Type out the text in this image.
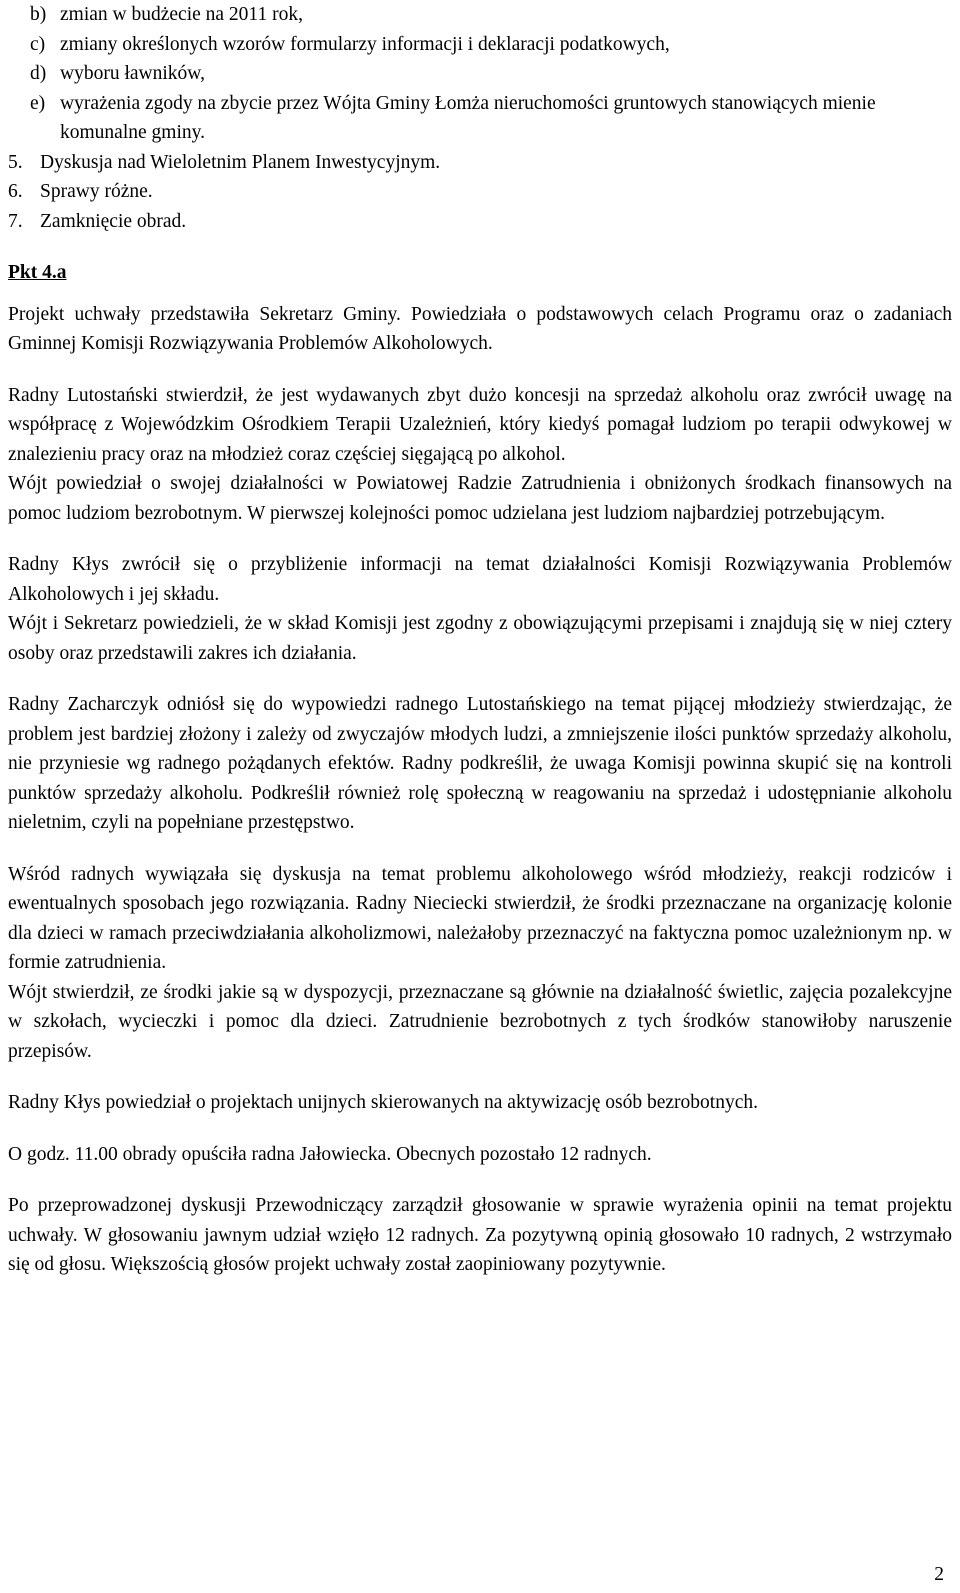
b) zmian w budżecie na 2011 rok,
c) zmiany określonych wzorów formularzy informacji i deklaracji podatkowych,
d) wyboru ławników,
e) wyrażenia zgody na zbycie przez Wójta Gminy Łomża nieruchomości gruntowych stanowiących mienie komunalne gminy.
5. Dyskusja nad Wieloletnim Planem Inwestycyjnym.
6. Sprawy różne.
7. Zamknięcie obrad.
Pkt 4.a

Projekt uchwały przedstawiła Sekretarz Gminy. Powiedziała o podstawowych celach Programu oraz o zadaniach Gminnej Komisji Rozwiązywania Problemów Alkoholowych.

Radny Lutostański stwierdził, że jest wydawanych zbyt dużo koncesji na sprzedaż alkoholu oraz zwrócił uwagę na współpracę z Wojewódzkim Ośrodkiem Terapii Uzależnień, który kiedyś pomagał ludziom po terapii odwykowej w znalezieniu pracy oraz na młodzież coraz częściej sięgającą po alkohol.

Wójt powiedział o swojej działalności w Powiatowej Radzie Zatrudnienia i obniżonych środkach finansowych na pomoc ludziom bezrobotnym. W pierwszej kolejności pomoc udzielana jest ludziom najbardziej potrzebującym.

Radny Kłys zwrócił się o przybliżenie informacji na temat działalności Komisji Rozwiązywania Problemów Alkoholowych i jej składu.

Wójt i Sekretarz powiedzieli, że w skład Komisji jest zgodny z obowiązującymi przepisami i znajdują się w niej cztery osoby oraz przedstawili zakres ich działania.

Radny Zacharczyk odniósł się do wypowiedzi radnego Lutostańskiego na temat pijącej młodzieży stwierdzając, że problem jest bardziej złożony i zależy od zwyczajów młodych ludzi, a zmniejszenie ilości punktów sprzedaży alkoholu, nie przyniesie wg radnego pożądanych efektów. Radny podkreślił, że uwaga Komisji powinna skupić się na kontroli punktów sprzedaży alkoholu. Podkreślił również rolę społeczną w reagowaniu na sprzedaż i udostępnianie alkoholu nieletnim, czyli na popełniane przestępstwo.

Wśród radnych wywiązała się dyskusja na temat problemu alkoholowego wśród młodzieży, reakcji rodziców i ewentualnych sposobach jego rozwiązania. Radny Nieciecki stwierdził, że środki przeznaczane na organizację kolonie dla dzieci w ramach przeciwdziałania alkoholizmowi, należałoby przeznaczyć na faktyczna pomoc uzależnionym np. w formie zatrudnienia.

Wójt stwierdził, ze środki jakie są w dyspozycji, przeznaczane są głównie na działalność świetlic, zajęcia pozalekcyjne w szkołach, wycieczki i pomoc dla dzieci. Zatrudnienie bezrobotnych z tych środków stanowiłoby naruszenie przepisów.

Radny Kłys powiedział o projektach unijnych skierowanych na aktywizację osób bezrobotnych.

O godz. 11.00 obrady opuściła radna Jałowiecka. Obecnych pozostało 12 radnych.

Po przeprowadzonej dyskusji Przewodniczący zarządził głosowanie w sprawie wyrażenia opinii na temat projektu uchwały. W głosowaniu jawnym udział wzięło 12 radnych. Za pozytywną opinią głosowało 10 radnych, 2 wstrzymało się od głosu. Większością głosów projekt uchwały został zaopiniowany pozytywnie.

2
